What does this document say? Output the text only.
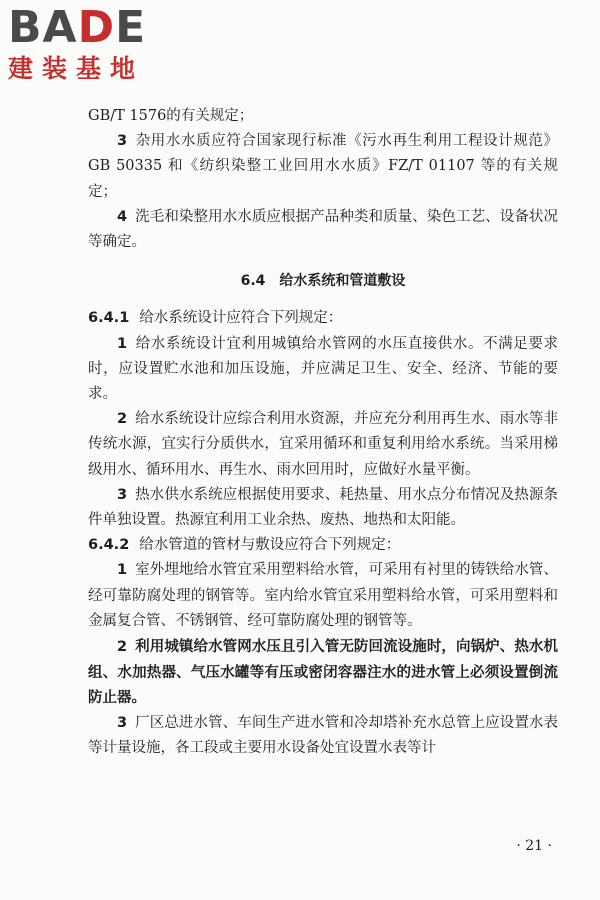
BADE
建装基地

GB/T 1576的有关规定；

3 杂用水水质应符合国家现行标准《污水再生利用工程设计规范》GB 50335 和《纺织染整工业回用水水质》FZ/T 01107 等的有关规定；

4 洗毛和染整用水水质应根据产品种类和质量、染色工艺、设备状况等确定。

6.4　给水系统和管道敷设

6.4.1 给水系统设计应符合下列规定：

1 给水系统设计宜利用城镇给水管网的水压直接供水。不满足要求时，应设置贮水池和加压设施，并应满足卫生、安全、经济、节能的要求。

2 给水系统设计应综合利用水资源，并应充分利用再生水、雨水等非传统水源，宜实行分质供水，宜采用循环和重复利用给水系统。当采用梯级用水、循环用水、再生水、雨水回用时，应做好水量平衡。

3 热水供水系统应根据使用要求、耗热量、用水点分布情况及热源条件单独设置。热源宜利用工业余热、废热、地热和太阳能。

6.4.2 给水管道的管材与敷设应符合下列规定：

1 室外埋地给水管宜采用塑料给水管，可采用有衬里的铸铁给水管、经可靠防腐处理的钢管等。室内给水管宜采用塑料给水管，可采用塑料和金属复合管、不锈钢管、经可靠防腐处理的钢管等。

2 利用城镇给水管网水压且引入管无防回流设施时，向锅炉、热水机组、水加热器、气压水罐等有压或密闭容器注水的进水管上必须设置倒流防止器。

3 厂区总进水管、车间生产进水管和冷却塔补充水总管上应设置水表等计量设施，各工段或主要用水设备处宜设置水表等计

· 21 ·
